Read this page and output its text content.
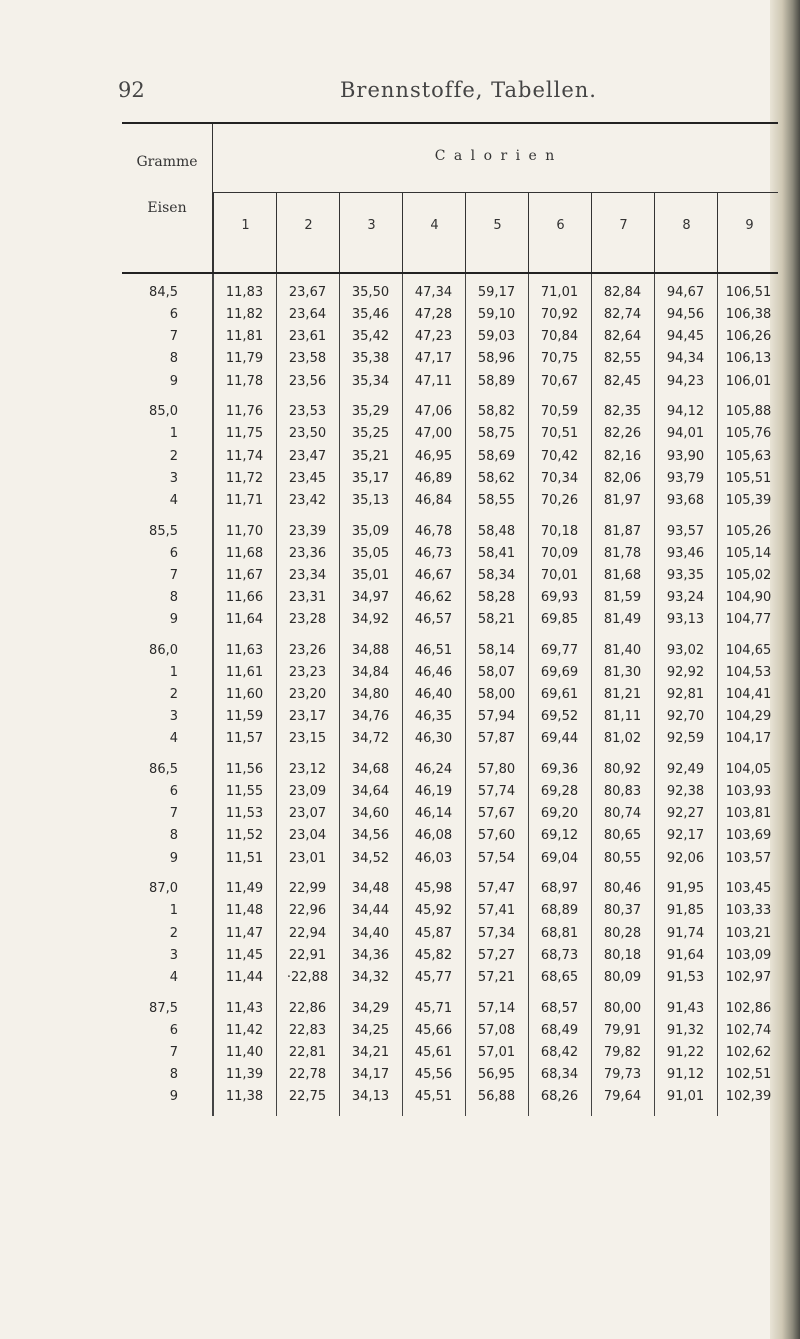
92	Brennstoffe, Tabellen.
Gramme
Eisen
C a l o r i e n
1	2	3	4	5	6	7	8	9
84,5	11,83	23,67	35,50	47,34	59,17	71,01	82,84	94,67	106,51
6	11,82	23,64	35,46	47,28	59,10	70,92	82,74	94,56	106,38
7	11,81	23,61	35,42	47,23	59,03	70,84	82,64	94,45	106,26
8	11,79	23,58	35,38	47,17	58,96	70,75	82,55	94,34	106,13
9	11,78	23,56	35,34	47,11	58,89	70,67	82,45	94,23	106,01
85,0	11,76	23,53	35,29	47,06	58,82	70,59	82,35	94,12	105,88
1	11,75	23,50	35,25	47,00	58,75	70,51	82,26	94,01	105,76
2	11,74	23,47	35,21	46,95	58,69	70,42	82,16	93,90	105,63
3	11,72	23,45	35,17	46,89	58,62	70,34	82,06	93,79	105,51
4	11,71	23,42	35,13	46,84	58,55	70,26	81,97	93,68	105,39
85,5	11,70	23,39	35,09	46,78	58,48	70,18	81,87	93,57	105,26
6	11,68	23,36	35,05	46,73	58,41	70,09	81,78	93,46	105,14
7	11,67	23,34	35,01	46,67	58,34	70,01	81,68	93,35	105,02
8	11,66	23,31	34,97	46,62	58,28	69,93	81,59	93,24	104,90
9	11,64	23,28	34,92	46,57	58,21	69,85	81,49	93,13	104,77
86,0	11,63	23,26	34,88	46,51	58,14	69,77	81,40	93,02	104,65
1	11,61	23,23	34,84	46,46	58,07	69,69	81,30	92,92	104,53
2	11,60	23,20	34,80	46,40	58,00	69,61	81,21	92,81	104,41
3	11,59	23,17	34,76	46,35	57,94	69,52	81,11	92,70	104,29
4	11,57	23,15	34,72	46,30	57,87	69,44	81,02	92,59	104,17
86,5	11,56	23,12	34,68	46,24	57,80	69,36	80,92	92,49	104,05
6	11,55	23,09	34,64	46,19	57,74	69,28	80,83	92,38	103,93
7	11,53	23,07	34,60	46,14	57,67	69,20	80,74	92,27	103,81
8	11,52	23,04	34,56	46,08	57,60	69,12	80,65	92,17	103,69
9	11,51	23,01	34,52	46,03	57,54	69,04	80,55	92,06	103,57
87,0	11,49	22,99	34,48	45,98	57,47	68,97	80,46	91,95	103,45
1	11,48	22,96	34,44	45,92	57,41	68,89	80,37	91,85	103,33
2	11,47	22,94	34,40	45,87	57,34	68,81	80,28	91,74	103,21
3	11,45	22,91	34,36	45,82	57,27	68,73	80,18	91,64	103,09
4	11,44	·22,88	34,32	45,77	57,21	68,65	80,09	91,53	102,97
87,5	11,43	22,86	34,29	45,71	57,14	68,57	80,00	91,43	102,86
6	11,42	22,83	34,25	45,66	57,08	68,49	79,91	91,32	102,74
7	11,40	22,81	34,21	45,61	57,01	68,42	79,82	91,22	102,62
8	11,39	22,78	34,17	45,56	56,95	68,34	79,73	91,12	102,51
9	11,38	22,75	34,13	45,51	56,88	68,26	79,64	91,01	102,39
